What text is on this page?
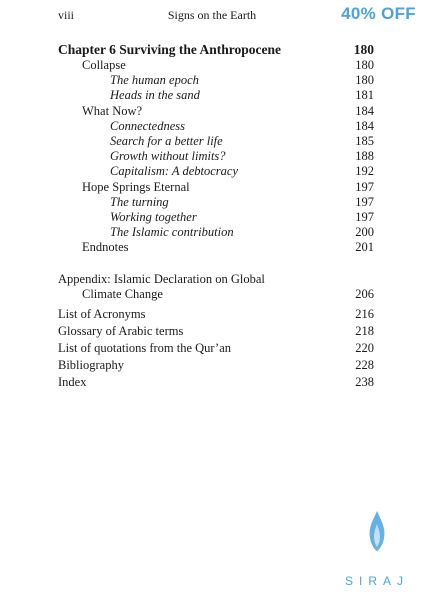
viii	Signs on the Earth	40% OFF
Chapter 6 Surviving the Anthropocene	180
Collapse	180
The human epoch	180
Heads in the sand	181
What Now?	184
Connectedness	184
Search for a better life	185
Growth without limits?	188
Capitalism: A debtocracy	192
Hope Springs Eternal	197
The turning	197
Working together	197
The Islamic contribution	200
Endnotes	201
Appendix: Islamic Declaration on Global
Climate Change	206
List of Acronyms	216
Glossary of Arabic terms	218
List of quotations from the Qur’an	220
Bibliography	228
Index	238
SIRAJ
